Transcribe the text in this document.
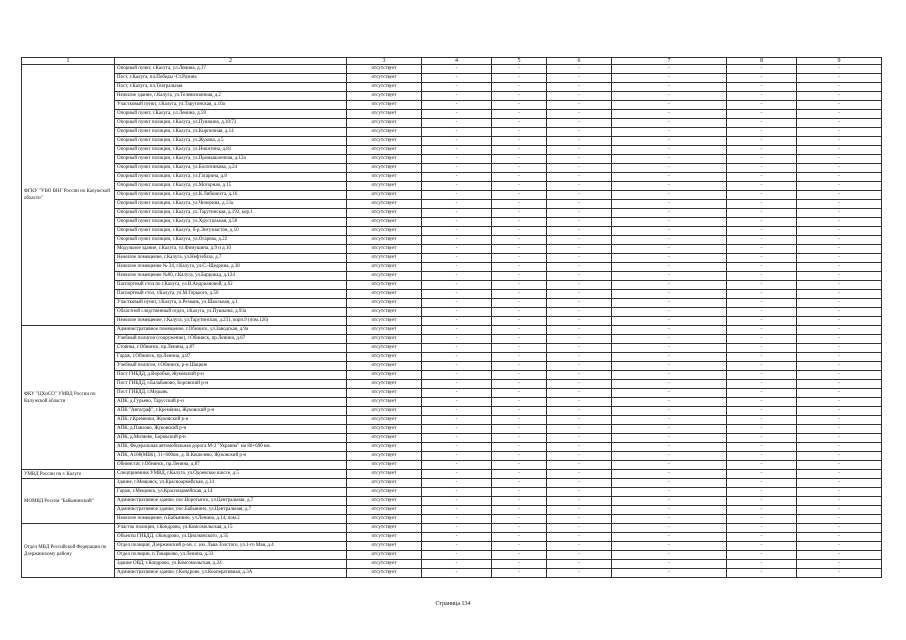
1	2	3	4	5	6	7	8	9
ФГКУ "УВО ВНГ России по Калужской области"	Опорный пункт, г.Калуга, ул.Ленина, д.37	отсутствует	-	-	-	-	-	-
	Пост, г.Калуга, пл.Победы -Ст.Разина	отсутствует	-	-	-	-	-	-
	Пост, г.Калуга, пл.Театральная	отсутствует	-	-	-	-	-	-
	Нежилое здание, г.Калуга, ул.Телевизионная, д.2	отсутствует	-	-	-	-	-	-
	Участковый пункт, г.Калуга, ул.Тарутинская, д.10а	отсутствует	-	-	-	-	-	-
	Опорный пункт, г.Калуга, ул.Ленина, д.59	отсутствует	-	-	-	-	-	-
	Опорный пункт полиции, г.Калуга, ул.Пушкина, д.10/73	отсутствует	-	-	-	-	-	-
	Опорный пункт полиции, г.Калуга, ул.Кирпичная, д.14	отсутствует	-	-	-	-	-	-
	Опорный пункт полиции, г.Калуга, ул.Жукова, д.5	отсутствует	-	-	-	-	-	-
	Опорный пункт полиции, г.Калуга, ул.Никитина, д.81	отсутствует	-	-	-	-	-	-
	Опорный пункт полиции, г.Калуга, ул.Промышленная, д.12а	отсутствует	-	-	-	-	-	-
	Опорный пункт полиции, г.Калуга, ул.Болотникова, д.24	отсутствует	-	-	-	-	-	-
	Опорный пункт полиции, г.Калуга, ул.Гагарина, д.8	отсутствует	-	-	-	-	-	-
	Опорный пункт полиции, г.Калуга, ул.Моторная, д.15	отсутствует	-	-	-	-	-	-
	Опорный пункт полиции, г.Калуга, ул.К.Либкнехта, д.16	отсутствует	-	-	-	-	-	-
	Опорный пункт полиции, г.Калуга, ул.Чичерина, д.13а	отсутствует	-	-	-	-	-	-
	Опорный пункт полиции, г.Калуга, ул.Тарутинская, д.192, кор.1	отсутствует	-	-	-	-	-	-
	Опорный пункт полиции, г.Калуга, ул.Хрустальная, д.50	отсутствует	-	-	-	-	-	-
	Опорный пункт полиции, г.Калуга, б-р.Энтузиастов, д.10	отсутствует	-	-	-	-	-	-
	Опорный пункт полиции, г.Калуга, ул.Огарева, д.22	отсутствует	-	-	-	-	-	-
	Модульное здание, г.Калуга, ул.Фомушина, д.9 и д.10	отсутствует	-	-	-	-	-	-
	Нежилое помещение, г.Калуга, ул.Нефтебаза, д.7	отсутствует	-	-	-	-	-	-
	Нежилое помещение № 34, г.Калуга, ул.С.-Щедрина, д.38	отсутствует	-	-	-	-	-	-
	Нежилое помещение №80, г.Калуга, ул.Баррикад, д.124	отсутствует	-	-	-	-	-	-
	Паспортный стол по г.Калуга, ул.В.Андриановой, д.62	отсутствует	-	-	-	-	-	-
	Паспортный стол, г.Калуга, ул.М.Горького, д.50	отсутствует	-	-	-	-	-	-
	Участковый пункт, г.Калуга, п.Резвань, ул.Школьная, д.1	отсутствует	-	-	-	-	-	-
	Областной следственный отдел, г.Калуга, ул.Пушкина, д.93а	отсутствует	-	-	-	-	-	-
	Нежилое помещение, г.Калуга, ул.Тарутинская, д.231, корп.9 (пом.126)	отсутствует	-	-	-	-	-	-
ФКУ "ЦХиСО" УМВД России по Калужской области	Административное помещение, г.Обнинск, ул.Заводская, д.9а	отсутствует	-	-	-	-	-	-
	Учебный полигон (сооружение), г.Обнинск, пр.Ленина, д.67	отсутствует	-	-	-	-	-	-
	Стоянка, г.Обнинск, пр.Ленина, д.87	отсутствует	-	-	-	-	-	-
	Гараж, г.Обнинск, пр.Ленина, д.87	отсутствует	-	-	-	-	-	-
	Учебный полигон, г.Обнинск, р-н Шацкие	отсутствует	-	-	-	-	-	-
	Пост ГИБДД, д.Воробьи, Жуковский р-н	отсутствует	-	-	-	-	-	-
	Пост ГИБДД, г.Балабаново, Боровский р-н	отсутствует	-	-	-	-	-	-
	Пост ГИБДД, г.Медынь	отсутствует	-	-	-	-	-	-
	АПК, д.Гурьево, Тарусский р-н	отсутствует	-	-	-	-	-	-
	АПК "Автограф", г.Кремёнки, Жуковский р-н	отсутствует	-	-	-	-	-	-
	АПК, г.Кременки, Жуковский р-н	отсутствует	-	-	-	-	-	-
	АПК, д.Павлово, Жуковский р-н	отсутствует	-	-	-	-	-	-
	АПК, д.Митяево, Боровский р-н	отсутствует	-	-	-	-	-	-
	АПК, Федеральная автомобильная дорога М-3 "Украина" км 86+690 км.	отсутствует	-	-	-	-	-	-
	АПК, А108(МБК), 31+600км, д. В.Кошелево, Жуковский р-н	отсутствует	-	-	-	-	-	-
	Обнинстат, г.Обнинск, пр.Ленина, д.87	отсутствует	-	-	-	-	-	-
УМВД России по г. Калуге	Спецприемник УМВД, г.Калуга, ул.Одоевское шоссе, д.5	отсутствует	-	-	-	-	-	-
МОМВД России "Бабынинский"	Здание, г.Мещовск, ул.Красноармейская, д.14	отсутствует	-	-	-	-	-	-
	Гараж, г.Мещовск, ул.Красноармейская, д.14	отсутствует	-	-	-	-	-	-
	Административное здание, пос.Воротынск, ул.Центральная, д.7	отсутствует	-	-	-	-	-	-
	Административное здание, пос.Бабынино, ул.Центральная, д.7	отсутствует	-	-	-	-	-	-
	Нежилое помещение, п.Бабынино, ул.Ленина, д.14, пом.2	отсутствует	-	-	-	-	-	-
Отдел МВД Российской Федерации по Дзержинскому району	Участок полиции, г.Кондрово, ул.Комсомольская, д.15	отсутствует	-	-	-	-	-	-
	Объекты ГИБДД, г.Кондрово, ул.Циолковского, д.35	отсутствует	-	-	-	-	-	-
	Отдел полиции, Дзержинский р-он, с. им. Льва Толстого, ул.1-го Мая, д.4	отсутствует	-	-	-	-	-	-
	Отдел полиции, п.Товарково, ул.Ленина, д.33	отсутствует	-	-	-	-	-	-
	Здание ОВД, г.Кондрово, ул.Комсомольская, д.24	отсутствует	-	-	-	-	-	-
	Административное здание, г.Кондрово, ул.Кооперативная, д.3А	отсутствует	-	-	-	-	-	-
Страница 134
